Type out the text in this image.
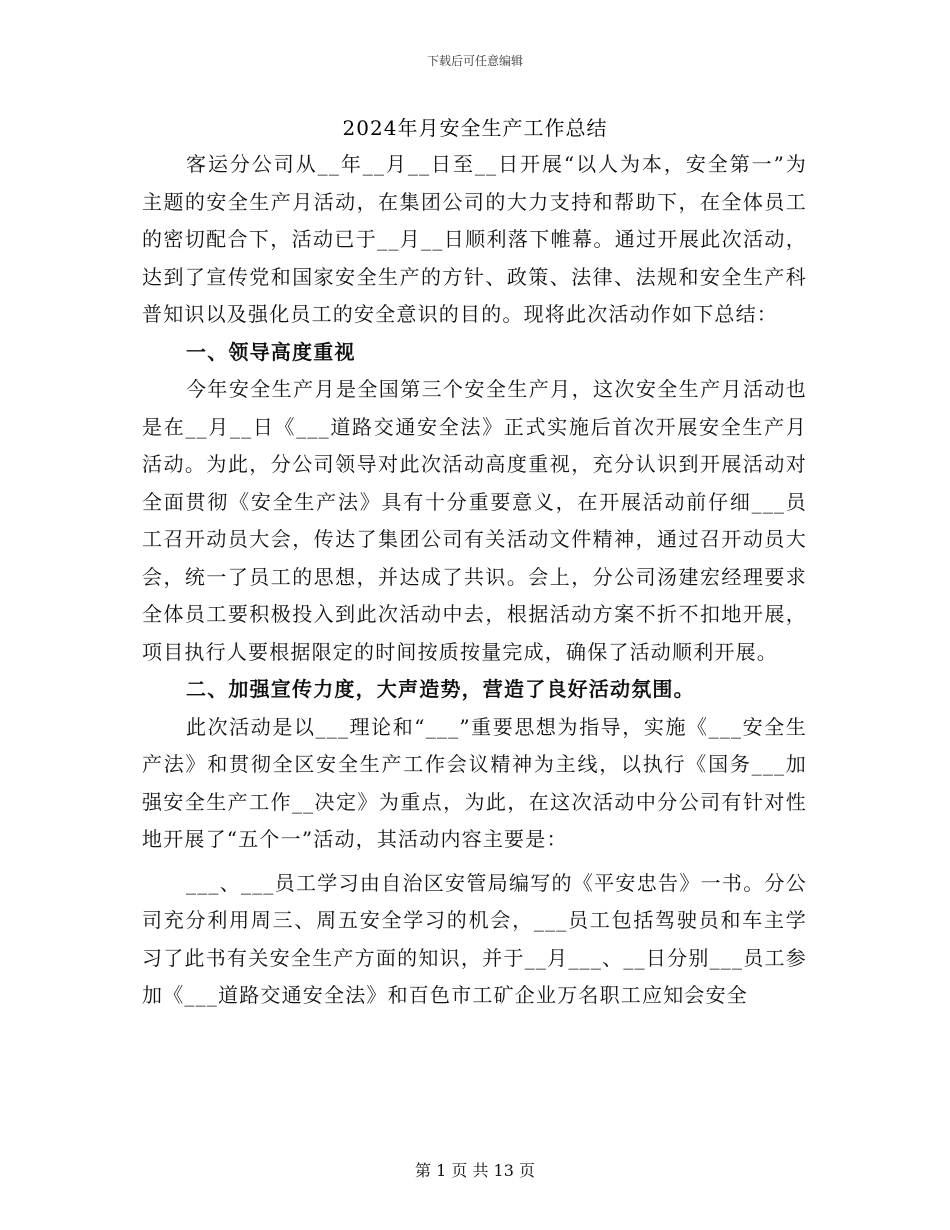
下载后可任意编辑
2024年月安全生产工作总结

客运分公司从__年__月__日至__日开展“以人为本，安全第一”为主题的安全生产月活动，在集团公司的大力支持和帮助下，在全体员工的密切配合下，活动已于__月__日顺利落下帷幕。通过开展此次活动，达到了宣传党和国家安全生产的方针、政策、法律、法规和安全生产科普知识以及强化员工的安全意识的目的。现将此次活动作如下总结：

一、领导高度重视

今年安全生产月是全国第三个安全生产月，这次安全生产月活动也是在__月__日《___道路交通安全法》正式实施后首次开展安全生产月活动。为此，分公司领导对此次活动高度重视，充分认识到开展活动对全面贯彻《安全生产法》具有十分重要意义，在开展活动前仔细___员工召开动员大会，传达了集团公司有关活动文件精神，通过召开动员大会，统一了员工的思想，并达成了共识。会上，分公司汤建宏经理要求全体员工要积极投入到此次活动中去，根据活动方案不折不扣地开展，项目执行人要根据限定的时间按质按量完成，确保了活动顺利开展。

二、加强宣传力度，大声造势，营造了良好活动氛围。

此次活动是以___理论和“___”重要思想为指导，实施《___安全生产法》和贯彻全区安全生产工作会议精神为主线，以执行《国务___加强安全生产工作__决定》为重点，为此，在这次活动中分公司有针对性地开展了“五个一”活动，其活动内容主要是：

___、___员工学习由自治区安管局编写的《平安忠告》一书。分公司充分利用周三、周五安全学习的机会，___员工包括驾驶员和车主学习了此书有关安全生产方面的知识，并于__月___、__日分别___员工参加《___道路交通安全法》和百色市工矿企业万名职工应知会安全

第 1 页 共 13 页
